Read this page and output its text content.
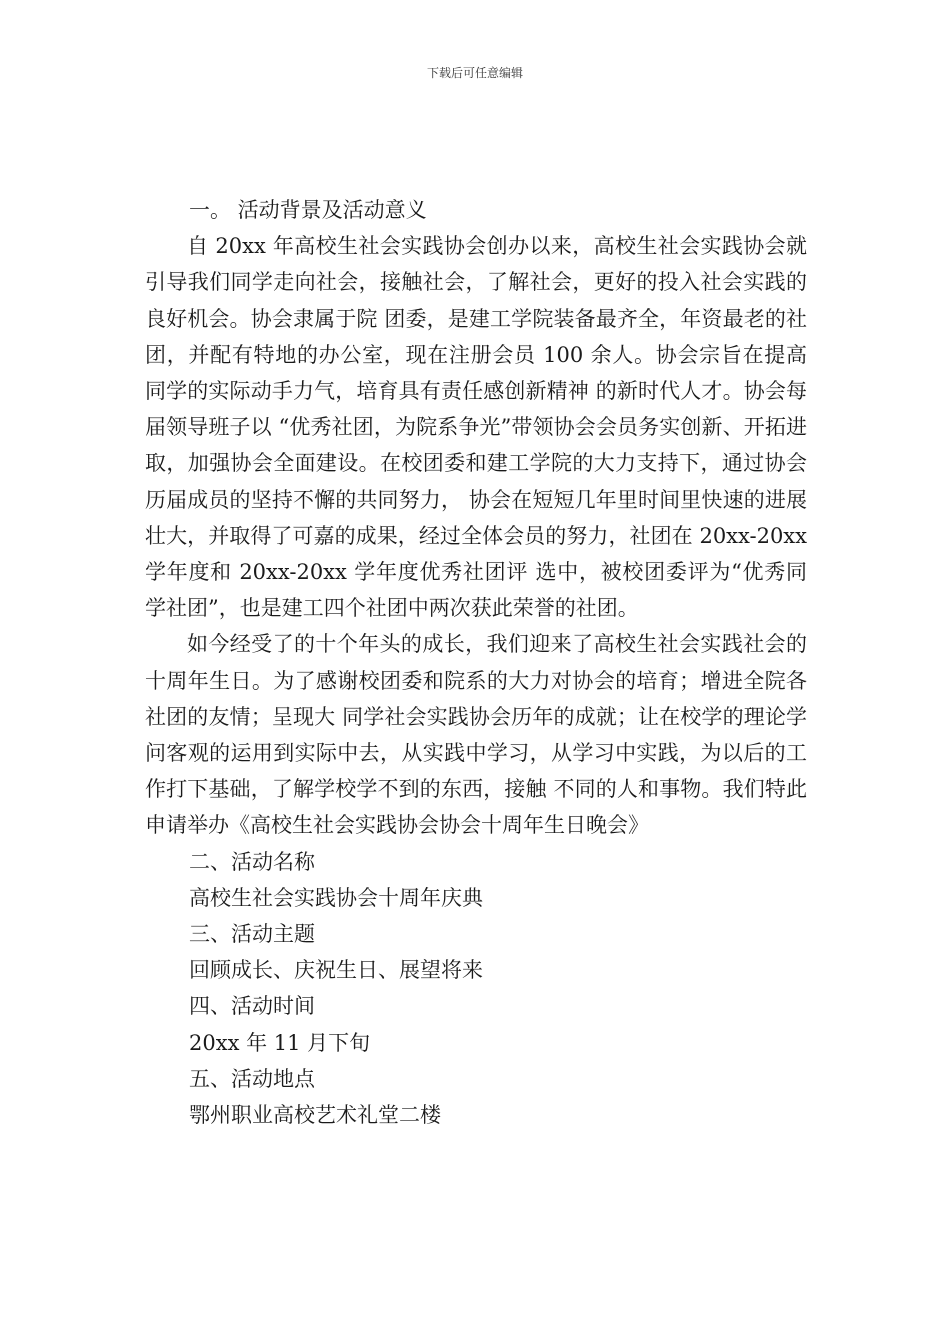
下载后可任意编辑

一。 活动背景及活动意义

自 20xx 年高校生社会实践协会创办以来，高校生社会实践协会就引导我们同学走向社会，接触社会，了解社会，更好的投入社会实践的良好机会。协会隶属于院 团委，是建工学院装备最齐全，年资最老的社团，并配有特地的办公室，现在注册会员 100 余人。协会宗旨在提高同学的实际动手力气，培育具有责任感创新精神 的新时代人才。协会每届领导班子以 “优秀社团，为院系争光”带领协会会员务实创新、开拓进取，加强协会全面建设。在校团委和建工学院的大力支持下，通过协会历届成员的坚持不懈的共同努力， 协会在短短几年里时间里快速的进展壮大，并取得了可嘉的成果，经过全体会员的努力，社团在 20xx-20xx 学年度和 20xx-20xx 学年度优秀社团评 选中，被校团委评为“优秀同学社团”，也是建工四个社团中两次获此荣誉的社团。

如今经受了的十个年头的成长，我们迎来了高校生社会实践社会的十周年生日。为了感谢校团委和院系的大力对协会的培育；增进全院各社团的友情；呈现大 同学社会实践协会历年的成就；让在校学的理论学问客观的运用到实际中去，从实践中学习，从学习中实践，为以后的工作打下基础，了解学校学不到的东西，接触 不同的人和事物。我们特此申请举办《高校生社会实践协会协会十周年生日晚会》

二、活动名称

高校生社会实践协会十周年庆典

三、活动主题

回顾成长、庆祝生日、展望将来

四、活动时间

20xx 年 11 月下旬

五、活动地点

鄂州职业高校艺术礼堂二楼
